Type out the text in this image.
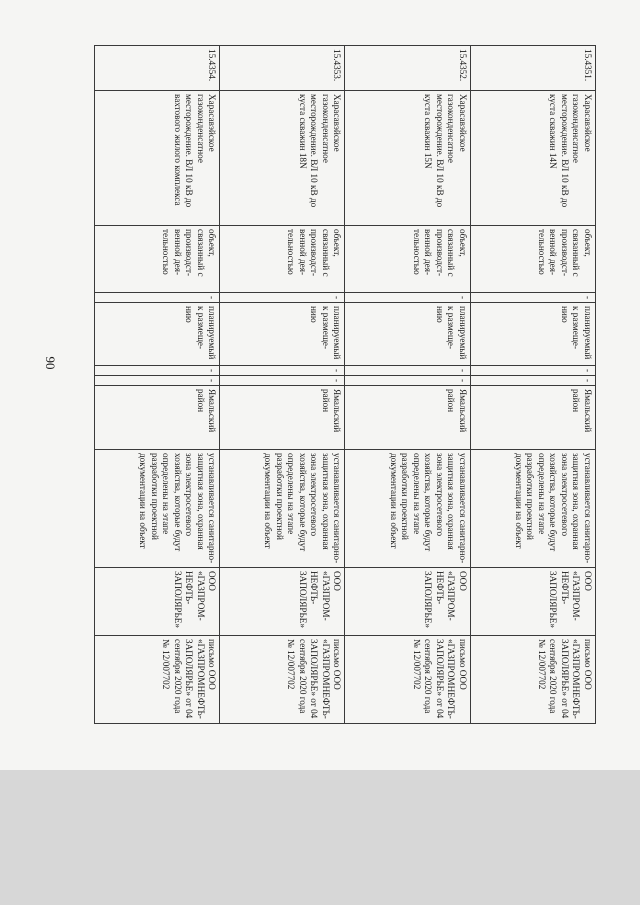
90
15.4351.	Харасавэйское газоконденсатное месторождение. ВЛ 10 кВ до куста скважин 14N	объект, связанный с производст-венной дея-тельностью	-	планируемый к размеще-нию	-	-	Ямальский район	устанавливается санитарно-защитная зона, охранная зона электросетевого хозяйства, которые будут определены на этапе разработки проектной документации на объект	ООО «ГАЗПРОМ-НЕФТЬ-ЗАПОЛЯРЬЕ»	письмо ООО «ГАЗПРОМНЕФТЬ-ЗАПОЛЯРЬЕ» от 04 сентября 2020 года № 12/007702
15.4352.	Харасавэйское газоконденсатное месторождение. ВЛ 10 кВ до куста скважин 15N	объект, связанный с производст-венной дея-тельностью	-	планируемый к размеще-нию	-	-	Ямальский район	устанавливается санитарно-защитная зона, охранная зона электросетевого хозяйства, которые будут определены на этапе разработки проектной документации на объект	ООО «ГАЗПРОМ-НЕФТЬ-ЗАПОЛЯРЬЕ»	письмо ООО «ГАЗПРОМНЕФТЬ-ЗАПОЛЯРЬЕ» от 04 сентября 2020 года № 12/007702
15.4353.	Харасавэйское газоконденсатное месторождение. ВЛ 10 кВ до куста скважин 18N	объект, связанный с производст-венной дея-тельностью	-	планируемый к размеще-нию	-	-	Ямальский район	устанавливается санитарно-защитная зона, охранная зона электросетевого хозяйства, которые будут определены на этапе разработки проектной документации на объект	ООО «ГАЗПРОМ-НЕФТЬ-ЗАПОЛЯРЬЕ»	письмо ООО «ГАЗПРОМНЕФТЬ-ЗАПОЛЯРЬЕ» от 04 сентября 2020 года № 12/007702
15.4354.	Харасавэйское газоконденсатное месторождение. ВЛ 10 кВ до вахтового жилого комплекса	объект, связанный с производст-венной дея-тельностью	-	планируемый к размеще-нию	-	-	Ямальский район	устанавливается санитарно-защитная зона, охранная зона электросетевого хозяйства, которые будут определены на этапе разработки проектной документации на объект	ООО «ГАЗПРОМ-НЕФТЬ-ЗАПОЛЯРЬЕ»	письмо ООО «ГАЗПРОМНЕФТЬ-ЗАПОЛЯРЬЕ» от 04 сентября 2020 года № 12/007702
